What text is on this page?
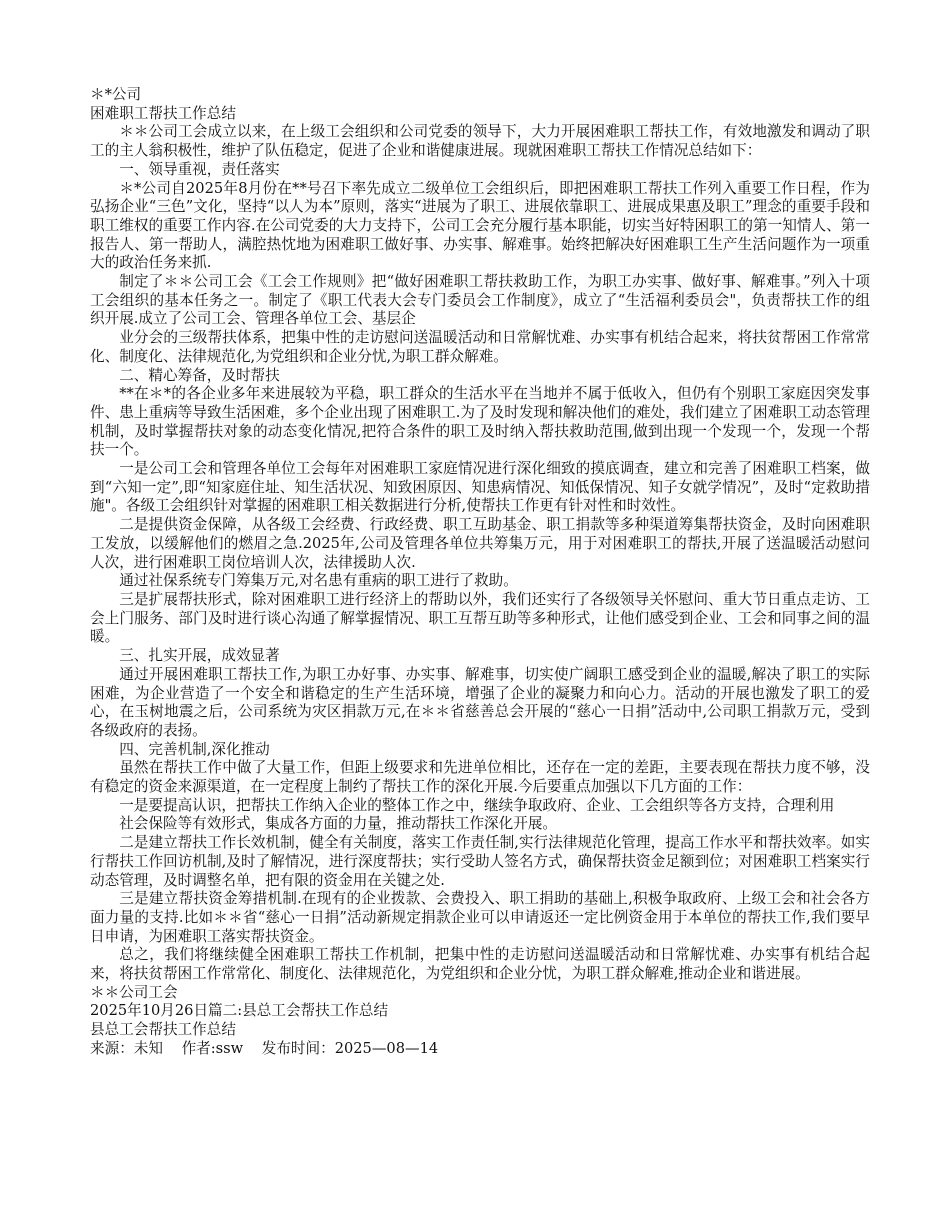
＊*公司

困难职工帮扶工作总结

＊＊公司工会成立以来，在上级工会组织和公司党委的领导下，大力开展困难职工帮扶工作，有效地激发和调动了职工的主人翁积极性，维护了队伍稳定，促进了企业和谐健康进展。现就困难职工帮扶工作情况总结如下：

一、领导重视，责任落实

＊*公司自2025年8月份在**号召下率先成立二级单位工会组织后，即把困难职工帮扶工作列入重要工作日程，作为弘扬企业“三色”文化，坚持“以人为本”原则，落实“进展为了职工、进展依靠职工、进展成果惠及职工”理念的重要手段和职工维权的重要工作内容.在公司党委的大力支持下，公司工会充分履行基本职能，切实当好特困职工的第一知情人、第一报告人、第一帮助人，满腔热忱地为困难职工做好事、办实事、解难事。始终把解决好困难职工生产生活问题作为一项重大的政治任务来抓.

制定了＊＊公司工会《工会工作规则》把“做好困难职工帮扶救助工作，为职工办实事、做好事、解难事。”列入十项工会组织的基本任务之一。制定了《职工代表大会专门委员会工作制度》，成立了“生活福利委员会"，负责帮扶工作的组织开展.成立了公司工会、管理各单位工会、基层企

业分会的三级帮扶体系，把集中性的走访慰问送温暖活动和日常解忧难、办实事有机结合起来，将扶贫帮困工作常常化、制度化、法律规范化,为党组织和企业分忧,为职工群众解难。

二、精心筹备，及时帮扶

**在＊*的各企业多年来进展较为平稳，职工群众的生活水平在当地并不属于低收入，但仍有个别职工家庭因突发事件、患上重病等导致生活困难，多个企业出现了困难职工.为了及时发现和解决他们的难处，我们建立了困难职工动态管理机制，及时掌握帮扶对象的动态变化情况,把符合条件的职工及时纳入帮扶救助范围,做到出现一个发现一个，发现一个帮扶一个。

一是公司工会和管理各单位工会每年对困难职工家庭情况进行深化细致的摸底调查，建立和完善了困难职工档案，做到“六知一定”,即“知家庭住址、知生活状况、知致困原因、知患病情况、知低保情况、知子女就学情况”，及时“定救助措施"。各级工会组织针对掌握的困难职工相关数据进行分析,使帮扶工作更有针对性和时效性。

二是提供资金保障，从各级工会经费、行政经费、职工互助基金、职工捐款等多种渠道筹集帮扶资金，及时向困难职工发放，以缓解他们的燃眉之急.2025年,公司及管理各单位共筹集万元，用于对困难职工的帮扶,开展了送温暖活动慰问人次，进行困难职工岗位培训人次，法律援助人次.

通过社保系统专门筹集万元,对名患有重病的职工进行了救助。

三是扩展帮扶形式，除对困难职工进行经济上的帮助以外，我们还实行了各级领导关怀慰问、重大节日重点走访、工会上门服务、部门及时进行谈心沟通了解掌握情况、职工互帮互助等多种形式，让他们感受到企业、工会和同事之间的温暖。

三、扎实开展，成效显著

通过开展困难职工帮扶工作,为职工办好事、办实事、解难事，切实使广阔职工感受到企业的温暖,解决了职工的实际困难，为企业营造了一个安全和谐稳定的生产生活环境，增强了企业的凝聚力和向心力。活动的开展也激发了职工的爱心，在玉树地震之后，公司系统为灾区捐款万元,在＊＊省慈善总会开展的“慈心一日捐”活动中,公司职工捐款万元，受到各级政府的表扬。

四、完善机制,深化推动

虽然在帮扶工作中做了大量工作，但距上级要求和先进单位相比，还存在一定的差距，主要表现在帮扶力度不够，没有稳定的资金来源渠道，在一定程度上制约了帮扶工作的深化开展.今后要重点加强以下几方面的工作：

一是要提高认识，把帮扶工作纳入企业的整体工作之中，继续争取政府、企业、工会组织等各方支持，合理利用

社会保险等有效形式，集成各方面的力量，推动帮扶工作深化开展。

二是建立帮扶工作长效机制，健全有关制度，落实工作责任制,实行法律规范化管理，提高工作水平和帮扶效率。如实行帮扶工作回访机制,及时了解情况，进行深度帮扶；实行受助人签名方式，确保帮扶资金足额到位；对困难职工档案实行动态管理，及时调整名单，把有限的资金用在关键之处.

三是建立帮扶资金筹措机制.在现有的企业拨款、会费投入、职工捐助的基础上,积极争取政府、上级工会和社会各方面力量的支持.比如＊＊省“慈心一日捐”活动新规定捐款企业可以申请返还一定比例资金用于本单位的帮扶工作,我们要早日申请，为困难职工落实帮扶资金。

总之，我们将继续健全困难职工帮扶工作机制，把集中性的走访慰问送温暖活动和日常解忧难、办实事有机结合起来，将扶贫帮困工作常常化、制度化、法律规范化，为党组织和企业分忧，为职工群众解难,推动企业和谐进展。

＊＊公司工会

2025年10月26日篇二:县总工会帮扶工作总结

县总工会帮扶工作总结

来源：未知 作者:ssw 发布时间：2025—08—14
